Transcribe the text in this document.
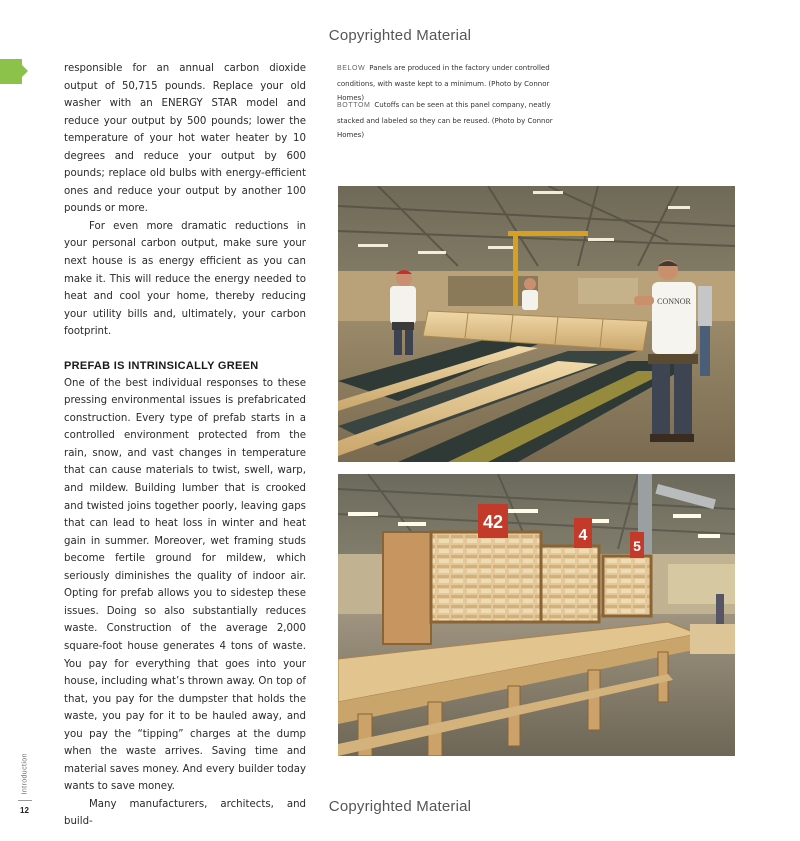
Copyrighted Material

responsible for an annual carbon dioxide output of 50,715 pounds. Replace your old washer with an ENERGY STAR model and reduce your output by 500 pounds; lower the temperature of your hot water heater by 10 degrees and reduce your output by 600 pounds; replace old bulbs with energy-efficient ones and reduce your output by another 100 pounds or more.

For even more dramatic reductions in your personal carbon output, make sure your next house is as energy efficient as you can make it. This will reduce the energy needed to heat and cool your home, thereby reducing your utility bills and, ultimately, your carbon footprint.

PREFAB IS INTRINSICALLY GREEN

One of the best individual responses to these pressing environmental issues is prefabricated construction. Every type of prefab starts in a controlled environment protected from the rain, snow, and vast changes in temperature that can cause materials to twist, swell, warp, and mildew. Building lumber that is crooked and twisted joins together poorly, leaving gaps that can lead to heat loss in winter and heat gain in summer. Moreover, wet framing studs become fertile ground for mildew, which seriously diminishes the quality of indoor air. Opting for prefab allows you to sidestep these issues. Doing so also substantially reduces waste. Construction of the average 2,000 square-foot house generates 4 tons of waste. You pay for everything that goes into your house, including what’s thrown away. On top of that, you pay for the dumpster that holds the waste, you pay for it to be hauled away, and you pay the “tipping” charges at the dump when the waste arrives. Saving time and material saves money. And every builder today wants to save money.

Many manufacturers, architects, and build-

BELOW Panels are produced in the factory under controlled conditions, with waste kept to a minimum. (Photo by Connor Homes)
BOTTOM Cutoffs can be seen at this panel company, neatly stacked and labeled so they can be reused. (Photo by Connor Homes)
CONNOR
42
4
5
Introduction
12	Copyrighted Material
